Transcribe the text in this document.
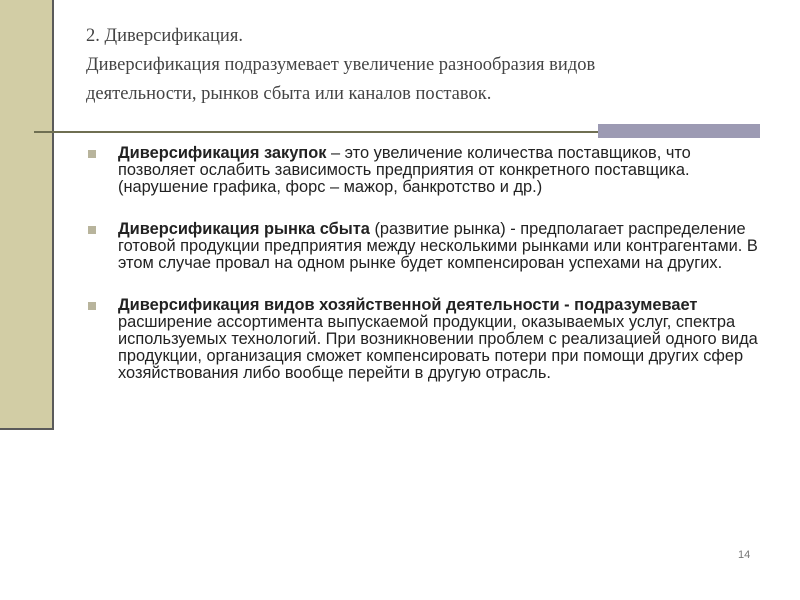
2. Диверсификация.
Диверсификация подразумевает увеличение разнообразия видов
деятельности, рынков сбыта или каналов поставок.
Диверсификация закупок – это увеличение количества поставщиков, что позволяет ослабить зависимость предприятия от конкретного поставщика. (нарушение графика, форс – мажор, банкротство и др.)
Диверсификация рынка сбыта (развитие рынка) - предполагает распределение готовой продукции предприятия между несколькими рынками или контрагентами. В этом случае провал на одном рынке будет компенсирован успехами на других.
Диверсификация видов хозяйственной деятельности - подразумевает расширение ассортимента выпускаемой продукции, оказываемых услуг, спектра используемых технологий. При возникновении проблем с реализацией одного вида продукции, организация сможет компенсировать потери при помощи других сфер хозяйствования либо вообще перейти в другую отрасль.
14
